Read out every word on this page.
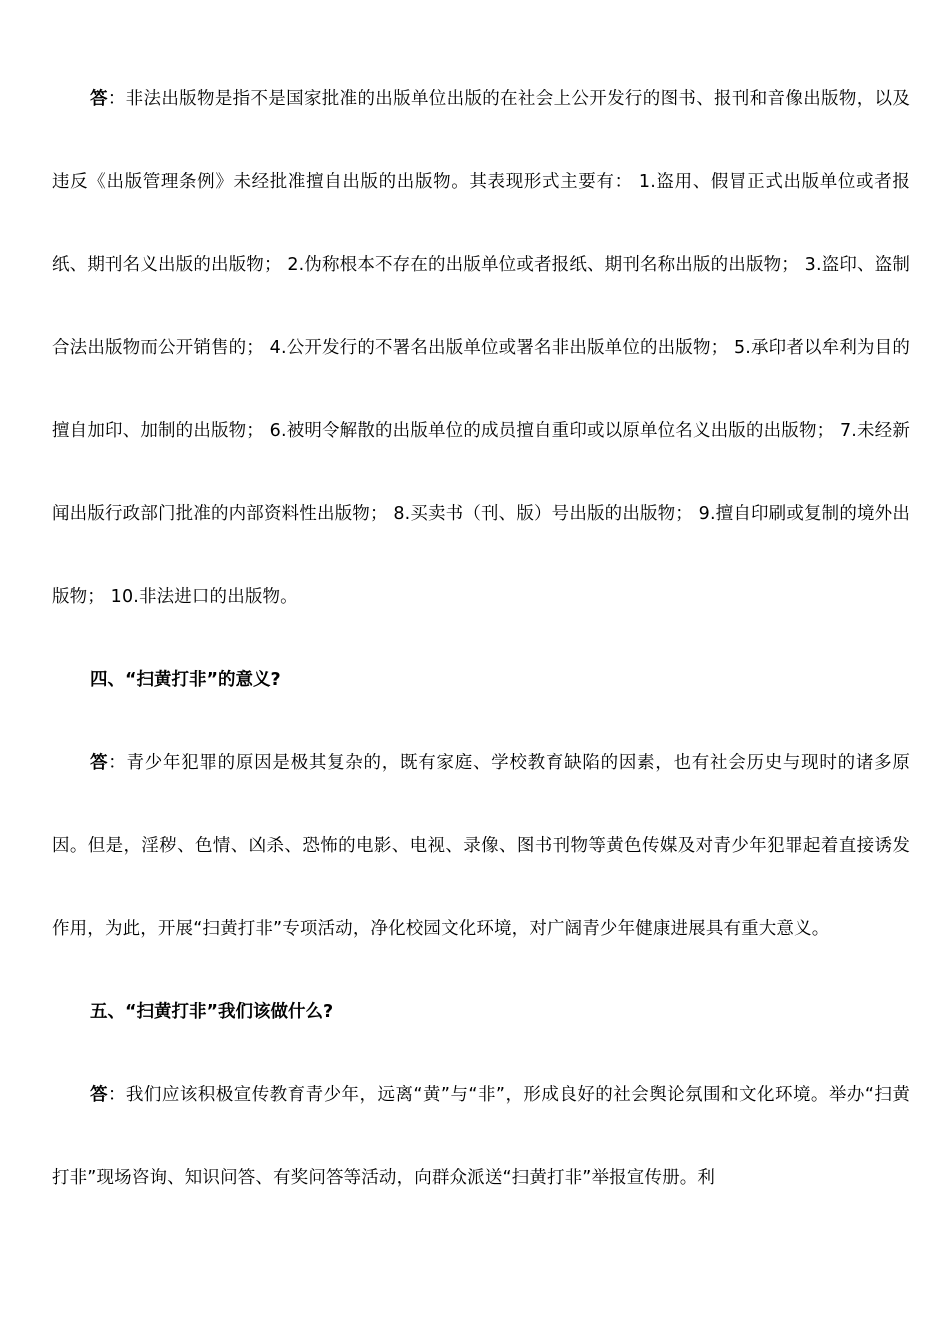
答：非法出版物是指不是国家批准的出版单位出版的在社会上公开发行的图书、报刊和音像出版物，以及违反《出版管理条例》未经批准擅自出版的出版物。其表现形式主要有： 1.盗用、假冒正式出版单位或者报纸、期刊名义出版的出版物； 2.伪称根本不存在的出版单位或者报纸、期刊名称出版的出版物； 3.盗印、盗制合法出版物而公开销售的； 4.公开发行的不署名出版单位或署名非出版单位的出版物； 5.承印者以牟利为目的擅自加印、加制的出版物； 6.被明令解散的出版单位的成员擅自重印或以原单位名义出版的出版物； 7.未经新闻出版行政部门批准的内部资料性出版物； 8.买卖书（刊、版）号出版的出版物； 9.擅自印刷或复制的境外出版物； 10.非法进口的出版物。

四、“扫黄打非”的意义?

答：青少年犯罪的原因是极其复杂的，既有家庭、学校教育缺陷的因素，也有社会历史与现时的诸多原因。但是，淫秽、色情、凶杀、恐怖的电影、电视、录像、图书刊物等黄色传媒及对青少年犯罪起着直接诱发作用，为此，开展“扫黄打非”专项活动，净化校园文化环境，对广阔青少年健康进展具有重大意义。

五、“扫黄打非”我们该做什么?

答：我们应该积极宣传教育青少年，远离“黄”与“非”，形成良好的社会舆论氛围和文化环境。举办“扫黄打非”现场咨询、知识问答、有奖问答等活动，向群众派送“扫黄打非”举报宣传册。利
